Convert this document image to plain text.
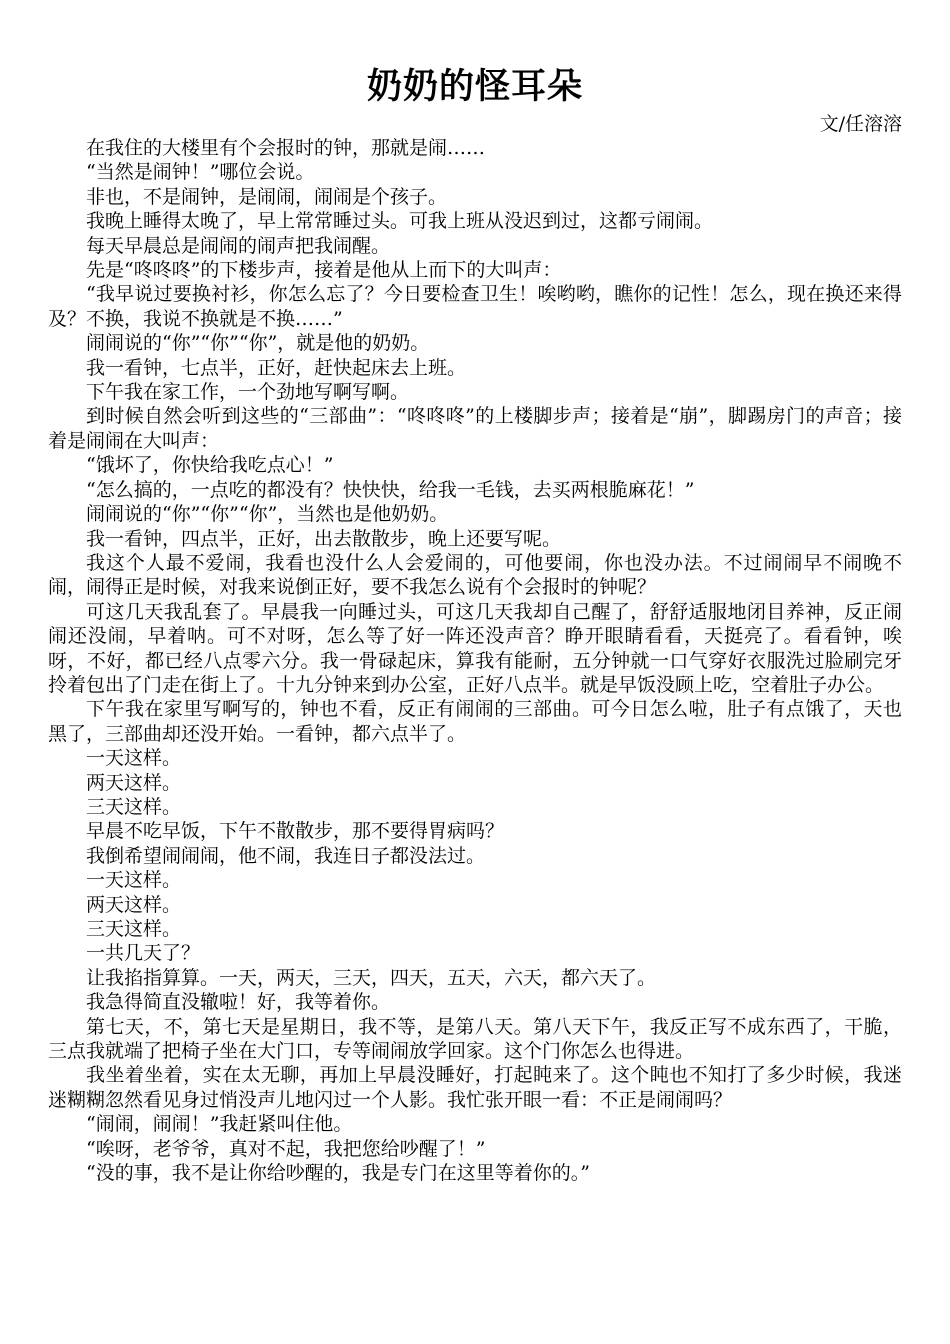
奶奶的怪耳朵
文/任溶溶

在我住的大楼里有个会报时的钟，那就是闹……

“当然是闹钟！”哪位会说。

非也，不是闹钟，是闹闹，闹闹是个孩子。

我晚上睡得太晚了，早上常常睡过头。可我上班从没迟到过，这都亏闹闹。

每天早晨总是闹闹的闹声把我闹醒。

先是“咚咚咚”的下楼步声，接着是他从上而下的大叫声：

“我早说过要换衬衫，你怎么忘了？今日要检查卫生！唉哟哟，瞧你的记性！怎么，现在换还来得及？不换，我说不换就是不换……”

闹闹说的“你”“你”“你”，就是他的奶奶。

我一看钟，七点半，正好，赶快起床去上班。

下午我在家工作，一个劲地写啊写啊。

到时候自然会听到这些的“三部曲”：“咚咚咚”的上楼脚步声；接着是“崩”，脚踢房门的声音；接着是闹闹在大叫声：

“饿坏了，你快给我吃点心！”

“怎么搞的，一点吃的都没有？快快快，给我一毛钱，去买两根脆麻花！”

闹闹说的“你”“你”“你”，当然也是他奶奶。

我一看钟，四点半，正好，出去散散步，晚上还要写呢。

我这个人最不爱闹，我看也没什么人会爱闹的，可他要闹，你也没办法。不过闹闹早不闹晚不闹，闹得正是时候，对我来说倒正好，要不我怎么说有个会报时的钟呢？

可这几天我乱套了。早晨我一向睡过头，可这几天我却自己醒了，舒舒适服地闭目养神，反正闹闹还没闹，早着呐。可不对呀，怎么等了好一阵还没声音？睁开眼睛看看，天挺亮了。看看钟，唉呀，不好，都已经八点零六分。我一骨碌起床，算我有能耐，五分钟就一口气穿好衣服洗过脸刷完牙拎着包出了门走在街上了。十九分钟来到办公室，正好八点半。就是早饭没顾上吃，空着肚子办公。

下午我在家里写啊写的，钟也不看，反正有闹闹的三部曲。可今日怎么啦，肚子有点饿了，天也黑了，三部曲却还没开始。一看钟，都六点半了。

一天这样。

两天这样。

三天这样。

早晨不吃早饭，下午不散散步，那不要得胃病吗？

我倒希望闹闹闹，他不闹，我连日子都没法过。

一天这样。

两天这样。

三天这样。

一共几天了？

让我掐指算算。一天，两天，三天，四天，五天，六天，都六天了。

我急得简直没辙啦！好，我等着你。

第七天，不，第七天是星期日，我不等，是第八天。第八天下午，我反正写不成东西了，干脆，三点我就端了把椅子坐在大门口，专等闹闹放学回家。这个门你怎么也得进。

我坐着坐着，实在太无聊，再加上早晨没睡好，打起盹来了。这个盹也不知打了多少时候，我迷迷糊糊忽然看见身过悄没声儿地闪过一个人影。我忙张开眼一看：不正是闹闹吗？

“闹闹，闹闹！”我赶紧叫住他。

“唉呀，老爷爷，真对不起，我把您给吵醒了！”

“没的事，我不是让你给吵醒的，我是专门在这里等着你的。”
